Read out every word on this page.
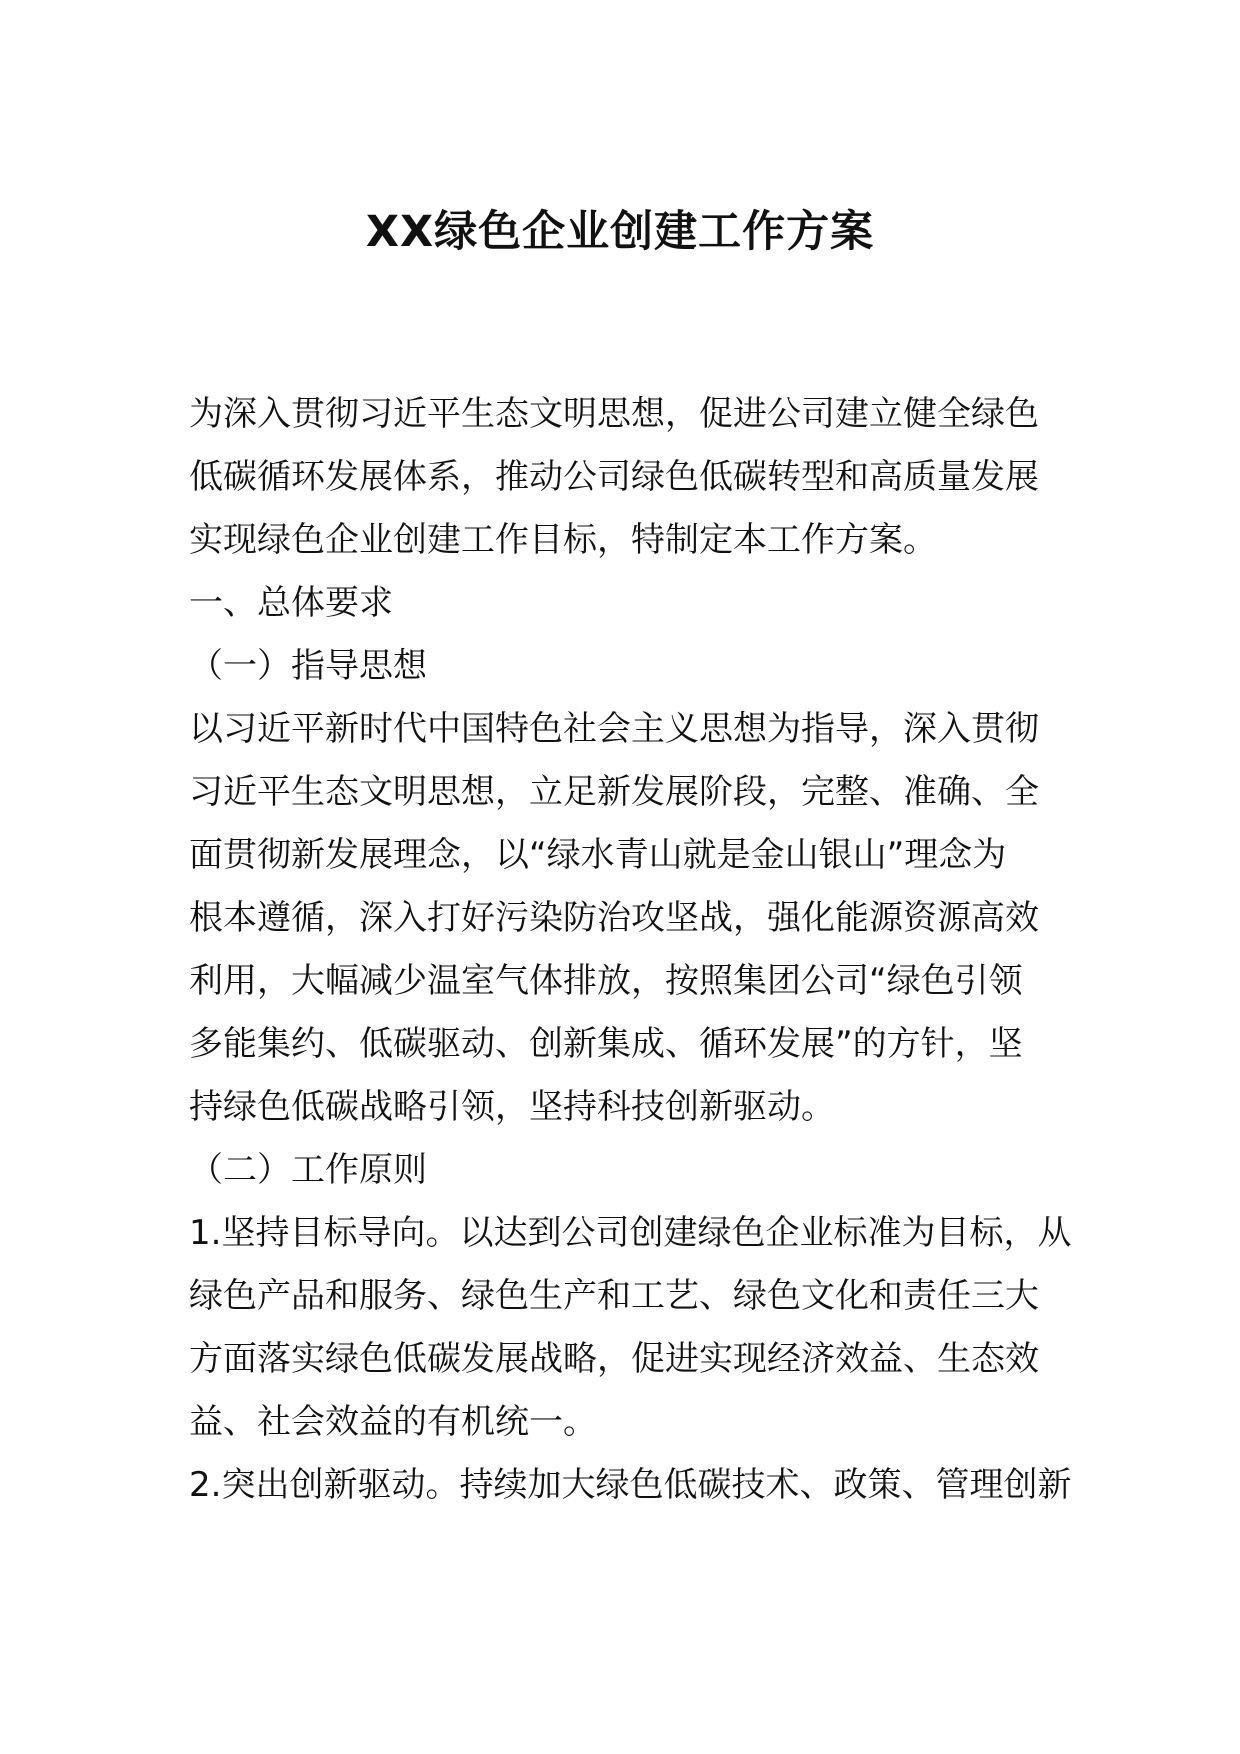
XX绿色企业创建工作方案
为深入贯彻习近平生态文明思想，促进公司建立健全绿色
低碳循环发展体系，推动公司绿色低碳转型和高质量发展
实现绿色企业创建工作目标，特制定本工作方案。
一、总体要求
（一）指导思想
以习近平新时代中国特色社会主义思想为指导，深入贯彻
习近平生态文明思想，立足新发展阶段，完整、准确、全
面贯彻新发展理念，以“绿水青山就是金山银山”理念为
根本遵循，深入打好污染防治攻坚战，强化能源资源高效
利用，大幅减少温室气体排放，按照集团公司“绿色引领
多能集约、低碳驱动、创新集成、循环发展”的方针，坚
持绿色低碳战略引领，坚持科技创新驱动。
（二）工作原则
1.坚持目标导向。以达到公司创建绿色企业标准为目标，从
绿色产品和服务、绿色生产和工艺、绿色文化和责任三大
方面落实绿色低碳发展战略，促进实现经济效益、生态效
益、社会效益的有机统一。
2.突出创新驱动。持续加大绿色低碳技术、政策、管理创新
